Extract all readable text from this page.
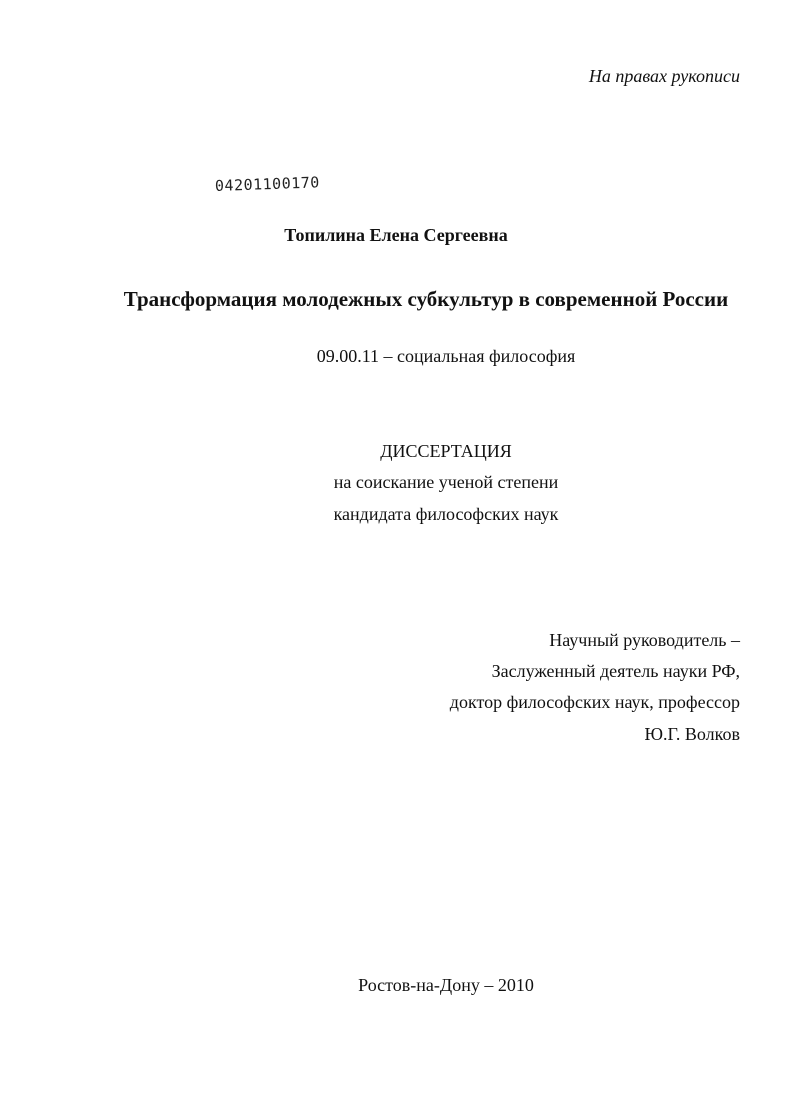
На правах рукописи
04201100170
Топилина Елена Сергеевна
Трансформация молодежных субкультур в современной России
09.00.11 – социальная философия
ДИССЕРТАЦИЯ
на соискание ученой степени
кандидата философских наук
Научный руководитель –
Заслуженный деятель науки РФ,
доктор философских наук, профессор
Ю.Г. Волков
Ростов-на-Дону – 2010
